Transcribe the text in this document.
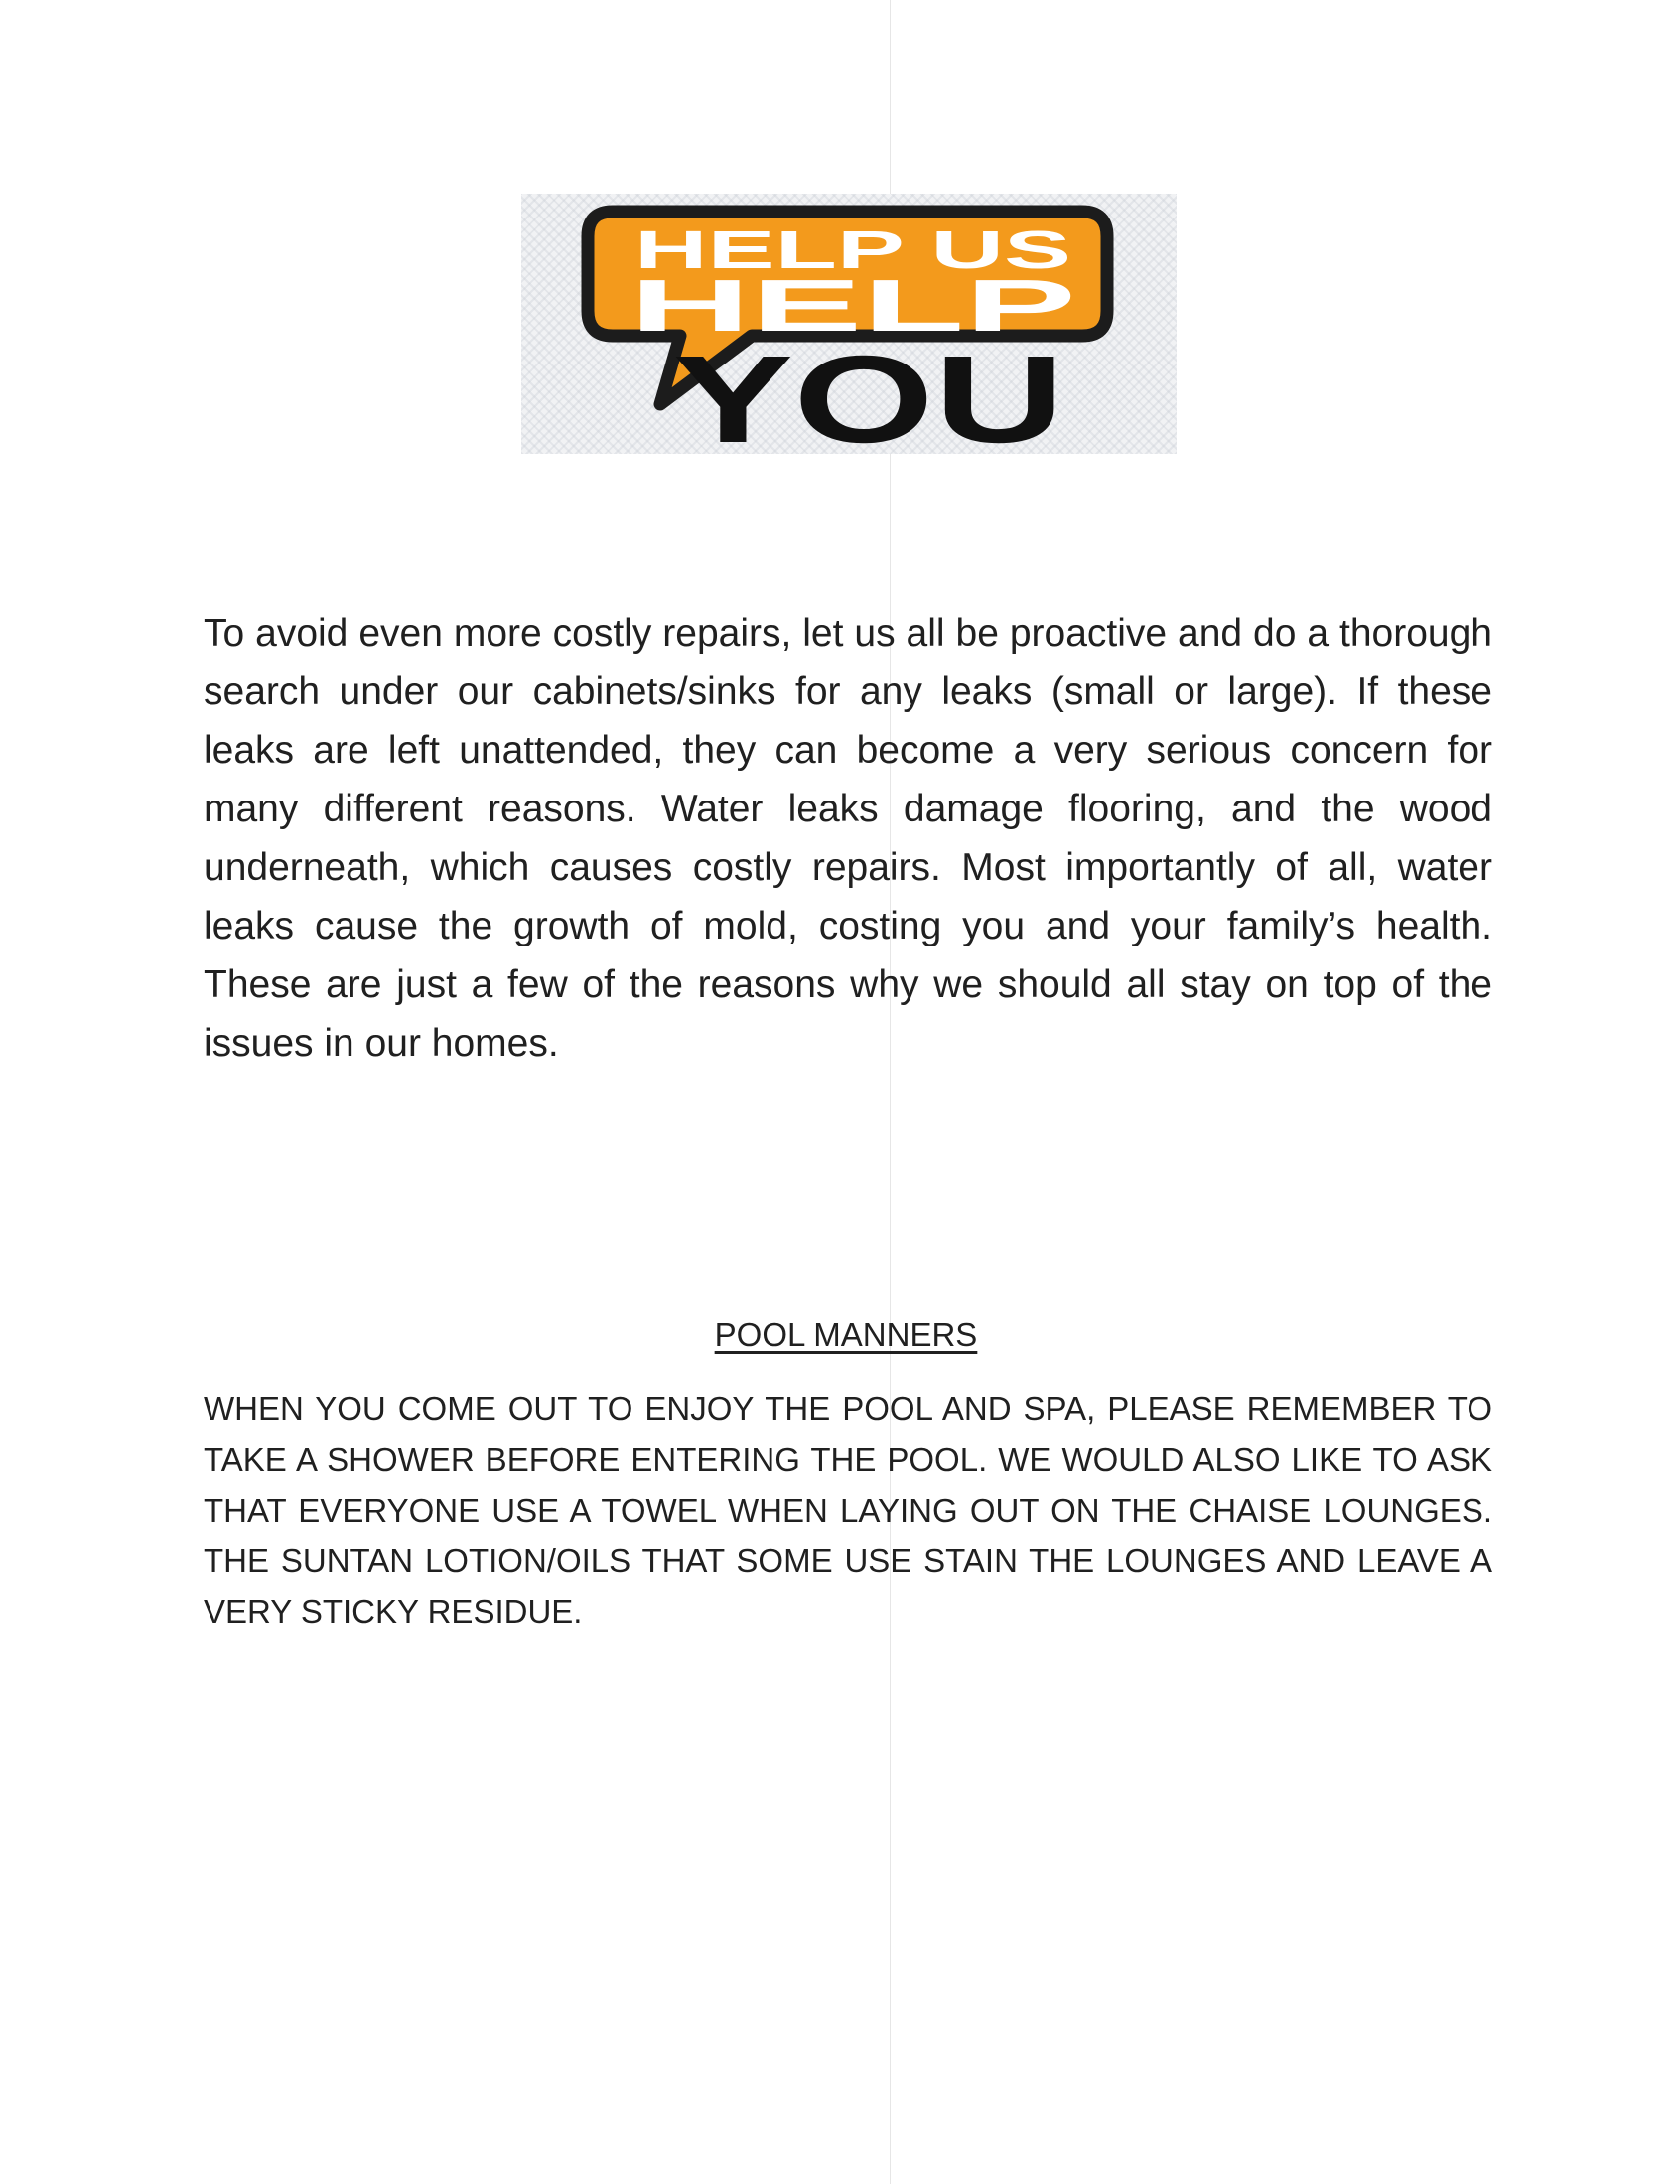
HELP US
HELP
YOU

To avoid even more costly repairs, let us all be proactive and do a thorough search under our cabinets/sinks for any leaks (small or large). If these leaks are left unattended, they can become a very serious concern for many different reasons. Water leaks damage flooring, and the wood underneath, which causes costly repairs. Most importantly of all, water leaks cause the growth of mold, costing you and your family’s health. These are just a few of the reasons why we should all stay on top of the issues in our homes.

POOL MANNERS

WHEN YOU COME OUT TO ENJOY THE POOL AND SPA, PLEASE REMEMBER TO TAKE A SHOWER BEFORE ENTERING THE POOL. WE WOULD ALSO LIKE TO ASK THAT EVERYONE USE A TOWEL WHEN LAYING OUT ON THE CHAISE LOUNGES. THE SUNTAN LOTION/OILS THAT SOME USE STAIN THE LOUNGES AND LEAVE A VERY STICKY RESIDUE.
